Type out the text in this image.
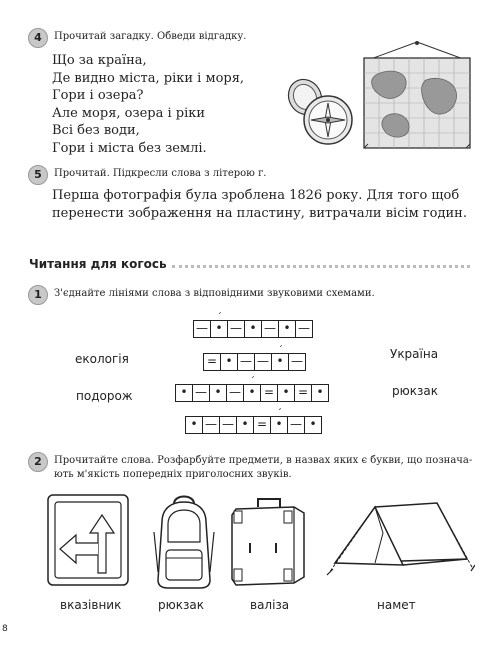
4	Прочитай загадку. Обведи відгадку.
Що за країна,
Де видно міста, ріки і моря,
Гори і озера?
Але моря, озера і ріки
Всі без води,
Гори і міста без землі.
5	Прочитай. Підкресли слова з літерою г.
Перша фотографія була зроблена 1826 року. Для того щоб
перенести зображення на пластину, витрачали вісім годин.
Читання для когось
1	З'єднайте лініями слова з відповідними звуковими схемами.
—
´
• — • — • —
= • — —
´
• —
• — • —
´
• = • = •
• — — • =
´
• — •
екологія
подорож
Україна
рюкзак
2	Прочитайте слова. Розфарбуйте предмети, в назвах яких є букви, що познача-
ють м'якість попередніх приголосних звуків.
вказівник	рюкзак	валіза	намет
8
